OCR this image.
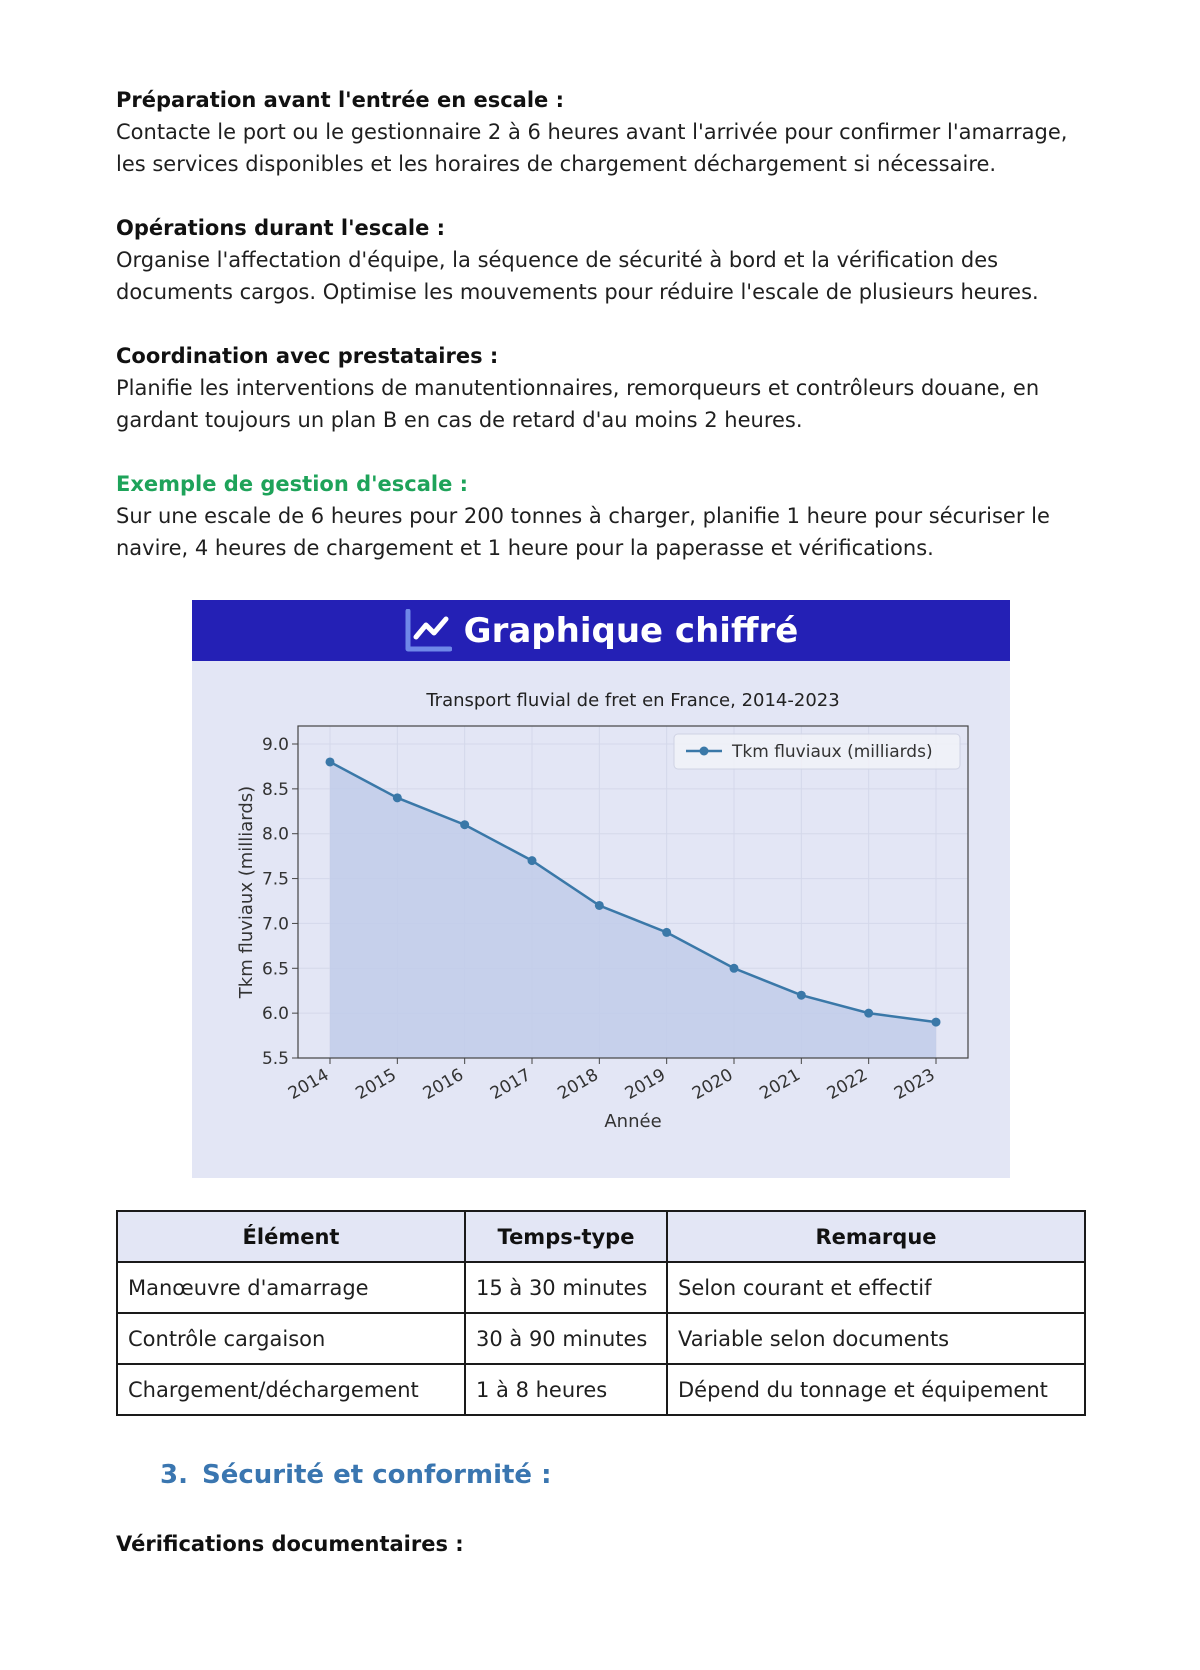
Préparation avant l'entrée en escale :

Contacte le port ou le gestionnaire 2 à 6 heures avant l'arrivée pour confirmer l'amarrage,
les services disponibles et les horaires de chargement déchargement si nécessaire.

Opérations durant l'escale :

Organise l'affectation d'équipe, la séquence de sécurité à bord et la vérification des
documents cargos. Optimise les mouvements pour réduire l'escale de plusieurs heures.

Coordination avec prestataires :

Planifie les interventions de manutentionnaires, remorqueurs et contrôleurs douane, en
gardant toujours un plan B en cas de retard d'au moins 2 heures.

Exemple de gestion d'escale :

Sur une escale de 6 heures pour 200 tonnes à charger, planifie 1 heure pour sécuriser le
navire, 4 heures de chargement et 1 heure pour la paperasse et vérifications.

Graphique chiffré
Transport fluvial de fret en France, 2014-2023
5.5
6.0
6.5
7.0
7.5
8.0
8.5
9.0
2014 2015 2016 2017 2018 2019 2020 2021 2022 2023
Année
Tkm fluviaux (milliards)
Tkm fluviaux (milliards)
Élément	Temps-type	Remarque
Manœuvre d'amarrage	15 à 30 minutes	Selon courant et effectif
Contrôle cargaison	30 à 90 minutes	Variable selon documents
Chargement/déchargement	1 à 8 heures	Dépend du tonnage et équipement
3. Sécurité et conformité :
Vérifications documentaires :
